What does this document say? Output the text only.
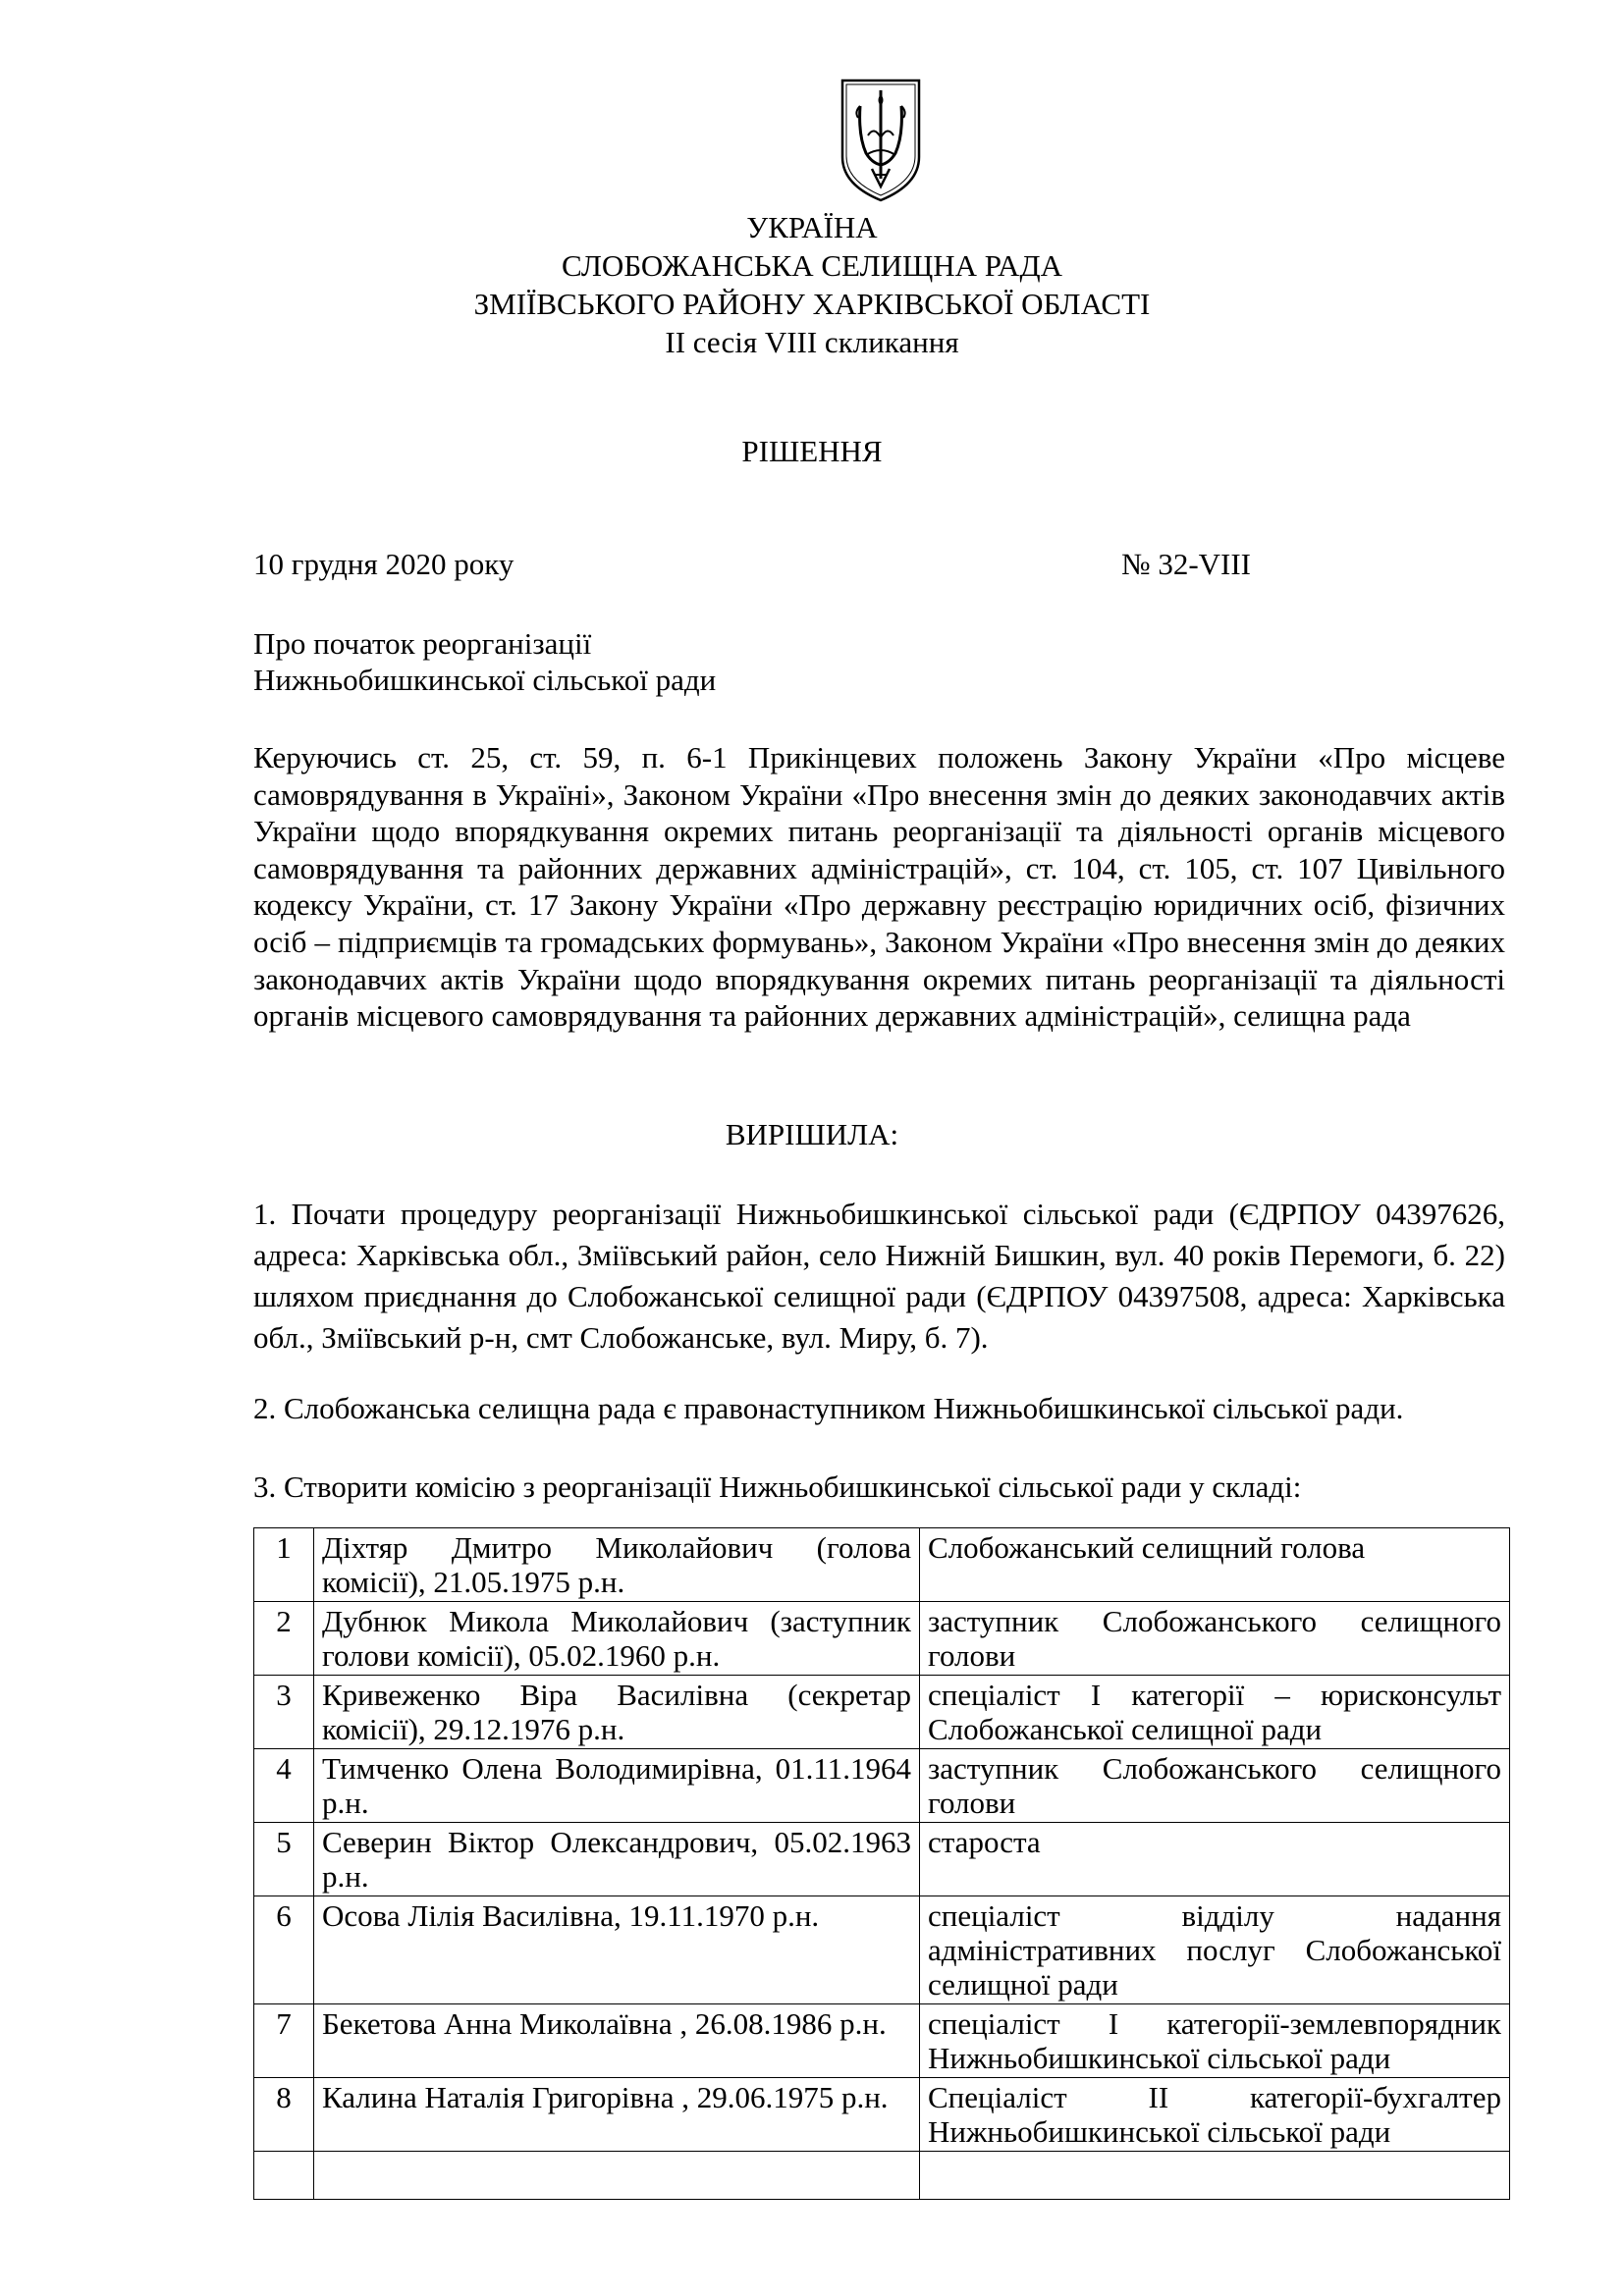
УКРАЇНА
СЛОБОЖАНСЬКА СЕЛИЩНА РАДА
ЗМІЇВСЬКОГО РАЙОНУ ХАРКІВСЬКОЇ ОБЛАСТІ
ІІ сесія VІІІ скликання
РІШЕННЯ
10 грудня 2020 року	№ 32-VІІІ
Про початок реорганізації
Нижньобишкинської сільської ради
Керуючись ст. 25, ст. 59, п. 6-1 Прикінцевих положень Закону України «Про місцеве самоврядування в Україні», Законом України «Про внесення змін до деяких законодавчих актів України щодо впорядкування окремих питань реорганізації та діяльності органів місцевого самоврядування та районних державних адміністрацій», ст. 104, ст. 105, ст. 107 Цивільного кодексу України, ст. 17 Закону України «Про державну реєстрацію юридичних осіб, фізичних осіб – підприємців та громадських формувань», Законом України «Про внесення змін до деяких законодавчих актів України щодо впорядкування окремих питань реорганізації та діяльності органів місцевого самоврядування та районних державних адміністрацій», селищна рада
ВИРІШИЛА:
1. Почати процедуру реорганізації Нижньобишкинської сільської ради (ЄДРПОУ 04397626, адреса: Харківська обл., Зміївський район, село Нижній Бишкин, вул. 40 років Перемоги, б. 22) шляхом приєднання до Слобожанської селищної ради (ЄДРПОУ 04397508, адреса: Харківська обл., Зміївський р-н, смт Слобожанське, вул. Миру, б. 7).
2. Слобожанська селищна рада є правонаступником Нижньобишкинської сільської ради.
3. Створити комісію з реорганізації Нижньобишкинської сільської ради у складі:
1	Діхтяр Дмитро Миколайович (голова комісії), 21.05.1975 р.н.	Слобожанський селищний голова
2	Дубнюк Микола Миколайович (заступник голови комісії), 05.02.1960 р.н.	заступник Слобожанського селищного голови
3	Кривеженко Віра Василівна (секретар комісії), 29.12.1976 р.н.	спеціаліст І категорії – юрисконсульт Слобожанської селищної ради
4	Тимченко Олена Володимирівна, 01.11.1964 р.н.	заступник Слобожанського селищного голови
5	Северин Віктор Олександрович, 05.02.1963 р.н.	староста
6	Осова Лілія Василівна, 19.11.1970 р.н.	спеціаліст відділу надання адміністративних послуг Слобожанської селищної ради
7	Бекетова Анна Миколаївна , 26.08.1986 р.н.	спеціаліст І категорії-землевпорядник Нижньобишкинської сільської ради
8	Калина Наталія Григорівна , 29.06.1975 р.н.	Спеціаліст ІІ категорії-бухгалтер Нижньобишкинської сільської ради
